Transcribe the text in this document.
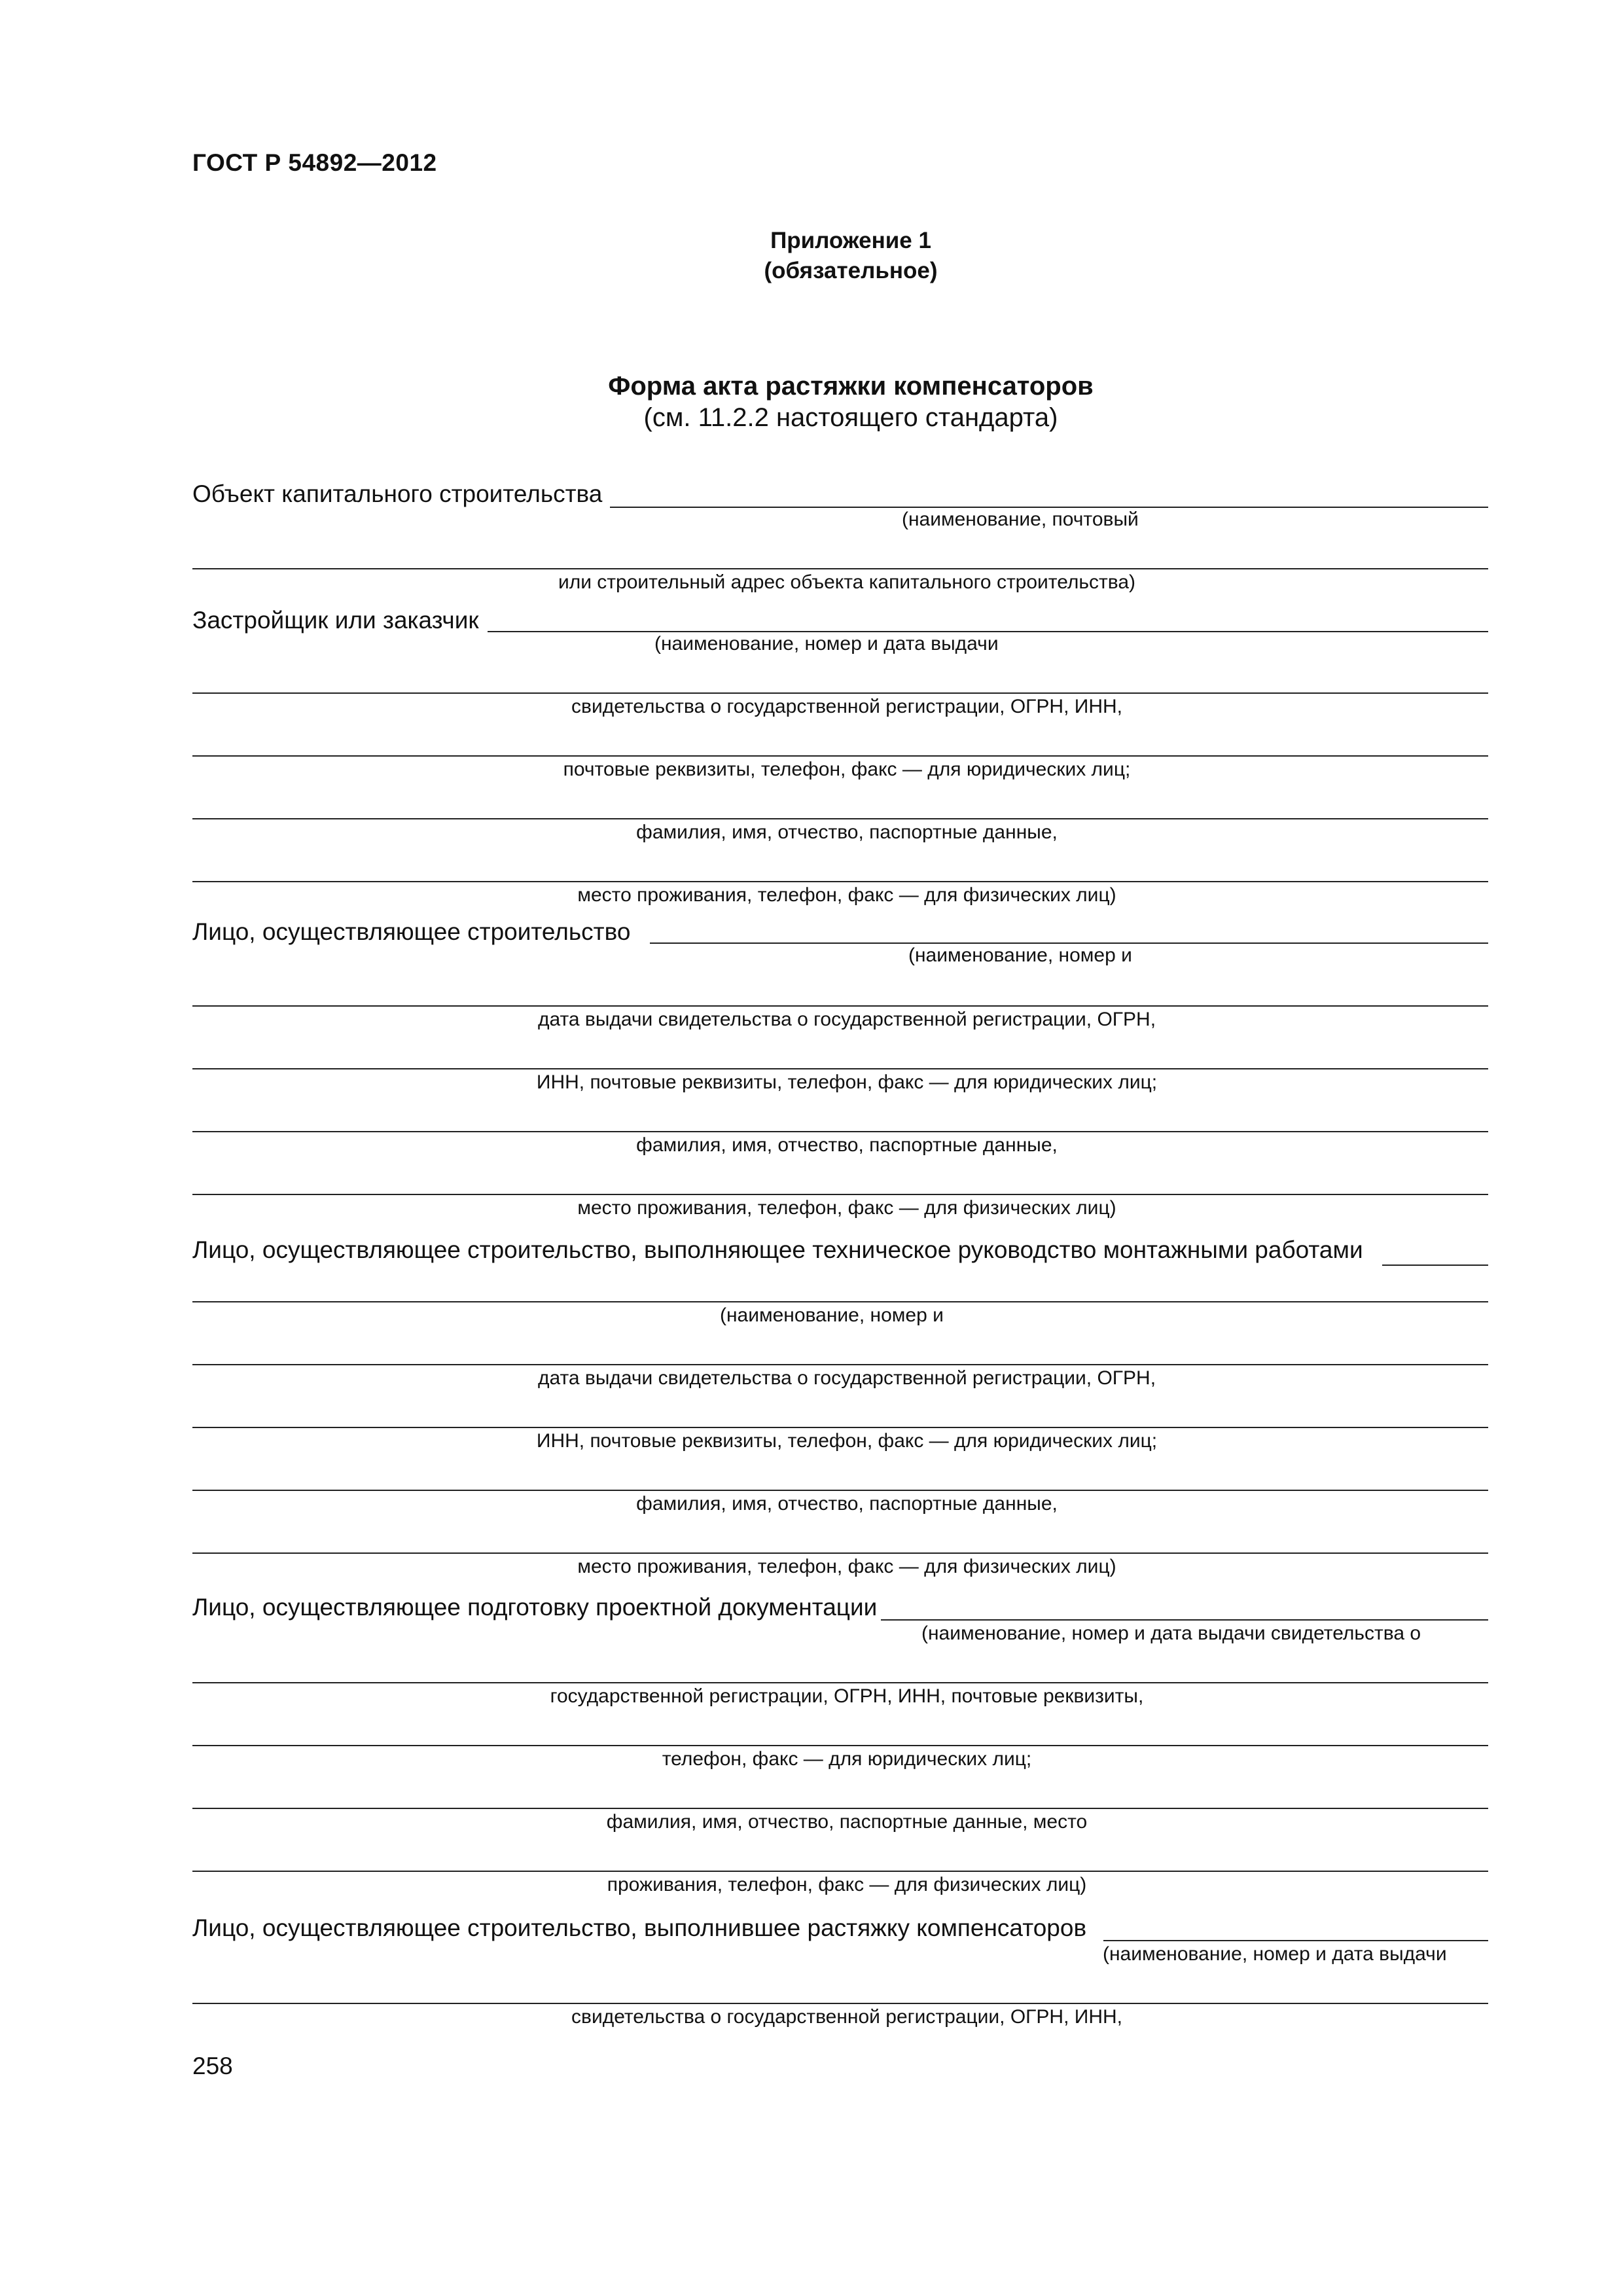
ГОСТ Р 54892—2012
Приложение 1
(обязательное)
Форма акта растяжки компенсаторов
(см. 11.2.2 настоящего стандарта)
Объект капитального строительства
(наименование, почтовый
или строительный адрес объекта капитального строительства)
Застройщик или заказчик
(наименование, номер и дата выдачи
свидетельства о государственной регистрации, ОГРН, ИНН,
почтовые реквизиты, телефон, факс — для юридических лиц;
фамилия, имя, отчество, паспортные данные,
место проживания, телефон, факс — для физических лиц)
Лицо, осуществляющее строительство
(наименование, номер и
дата выдачи свидетельства о государственной регистрации, ОГРН,
ИНН, почтовые реквизиты, телефон, факс — для юридических лиц;
фамилия, имя, отчество, паспортные данные,
место проживания, телефон, факс — для физических лиц)
Лицо, осуществляющее строительство, выполняющее техническое руководство монтажными работами
(наименование, номер и
дата выдачи свидетельства о государственной регистрации, ОГРН,
ИНН, почтовые реквизиты, телефон, факс — для юридических лиц;
фамилия, имя, отчество, паспортные данные,
место проживания, телефон, факс — для физических лиц)
Лицо, осуществляющее подготовку проектной документации
(наименование, номер и дата выдачи свидетельства о
государственной регистрации, ОГРН, ИНН, почтовые реквизиты,
телефон, факс — для юридических лиц;
фамилия, имя, отчество, паспортные данные, место
проживания, телефон, факс — для физических лиц)
Лицо, осуществляющее строительство, выполнившее растяжку компенсаторов
(наименование, номер и дата выдачи
свидетельства о государственной регистрации, ОГРН, ИНН,
258
